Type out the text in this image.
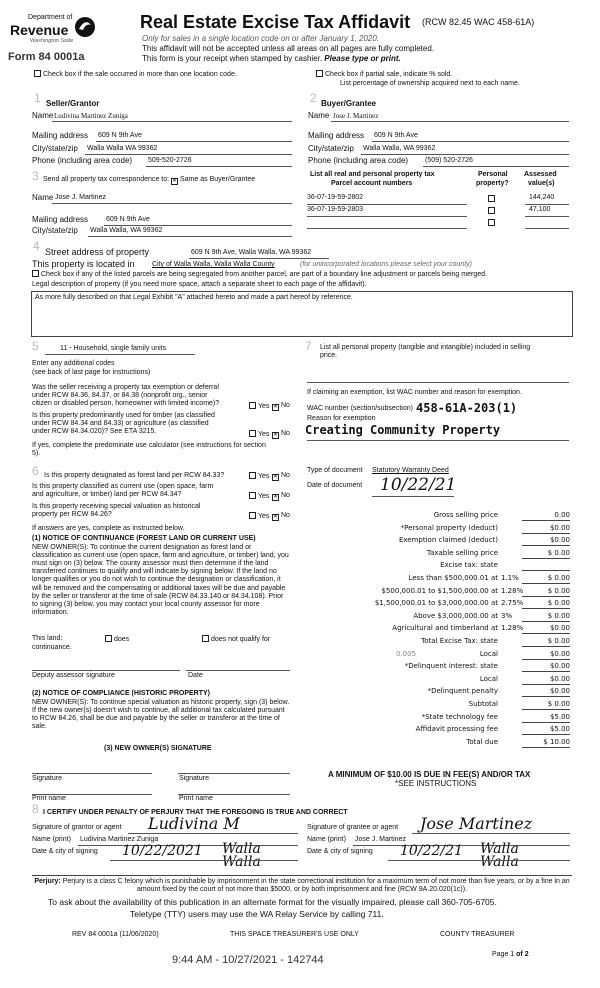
Department of
Revenue
Washington State
Form 84 0001a
Real Estate Excise Tax Affidavit (RCW 82.45 WAC 458-61A)
Only for sales in a single location code on or after January 1, 2020.
This affidavit will not be accepted unless all areas on all pages are fully completed.
This form is your receipt when stamped by cashier. Please type or print.
Check box if the sale occurred in more than one location code.	Check box if partial sale, indicate % sold.
List percentage of ownership acquired next to each name.
1 Seller/Grantor
Name Ludivina Martinez Zuniga
Mailing address 609 N 9th Ave
City/state/zip Walla Walla WA 99362
Phone (including area code) 509-520-2726
2 Buyer/Grantee
Name Jose J. Martinez
Mailing address 609 N 9th Ave
City/state/zip Walla Walla, WA 99362
Phone (including area code) (509) 520-2726
3 Send all property tax correspondence to: ✕ Same as Buyer/Grantee
Name Jose J. Martinez
Mailing address	609 N 9th Ave
City/state/zip Walla Walla, WA 99362
List all real and personal property tax
Parcel account numbers
Personal
property?
Assessed
value(s)
36-07-19-59-2802	144,240
36-07-19-59-2803	47,100
4 Street address of property	609 N 9th Ave, Walla Walla, WA 99362
This property is located in City of Walla Walla, Walla Walla County	(for unincorporated locations please select your county)
Check box if any of the listed parcels are being segregated from another parcel, are part of a boundary line adjustment or parcels being merged.
Legal description of property (if you need more space, attach a separate sheet to each page of the affidavit).
As more fully described on that Legal Exhibit "A" attached hereto and made a part hereof by reference.
5	11 - Household, single family units
Enter any additional codes
(see back of last page for instructions)
Was the seller receiving a property tax exemption or deferral
under RCW 84.36, 84.37, or 84.38 (nonprofit org., senior
citizen or disabled person, homeowner with limited income)?	Yes ✕	No
Is this property predominantly used for timber (as classified
under RCW 84.34 and 84.33) or agriculture (as classified
under RCW 84.34.020)? See ETA 3215.	Yes ✕	No
If yes, complete the predominate use calculator (see instructions for section
5).
7 List all personal property (tangible and intangible) included in selling
price.
If claiming an exemption, list WAC number and reason for exemption.
WAC number (section/subsection) 458-61A-203(1)
Reason for exemption
Creating Community Property
6 Is this property designated as forest land per RCW 84.33?	Yes ✕	No
Is this property classified as current use (open space, farm
and agriculture, or timber) land per RCW 84.34?	Yes ✕	No
Is this property receiving special valuation as historical
property per RCW 84.26?	Yes ✕	No
If answers are yes, complete as instructed below.
(1) NOTICE OF CONTINUANCE (FOREST LAND OR CURRENT USE)
NEW OWNER(S): To continue the current designation as forest land or classification as current use (open space, farm and agriculture, or timber) land, you must sign on (3) below. The county assessor must then determine if the land transferred continues to qualify and will indicate by signing below. If the land no longer qualifies or you do not wish to continue the designation or classification, it will be removed and the compensating or additional taxes will be due and payable by the seller or transferor at the time of sale (RCW 84.33.140 or 84.34.108). Prior to signing (3) below, you may contact your local county assessor for more information.
This land:	does	does not qualify for
continuance.
Deputy assessor signature	Date
(2) NOTICE OF COMPLIANCE (HISTORIC PROPERTY)
NEW OWNER(S): To continue special valuation as historic property, sign (3) below. If the new owner(s) doesn't wish to continue, all additional tax calculated pursuant to RCW 84.26, shall be due and payable by the seller or transferor at the time of sale.
(3) NEW OWNER(S) SIGNATURE
Signature	Signature
Print name	Print name
Type of document Statutory Warranty Deed
Date of document 10/22/21
Gross selling price	0.00
*Personal property (deduct)	$0.00
Exemption claimed (deduct)	$0.00
Taxable selling price	$ 0.00
Excise tax: state
Less than $500,000.01 at 1.1%	$ 0.00
$500,000.01 to $1,500,000.00 at 1.28%	$ 0.00
$1,500,000.01 to $3,000,000.00 at 2.75%	$ 0.00
Above $3,000,000.00 at 3%	$ 0.00
Agricultural and timberland at 1.28%	$0.00
Total Excise Tax: state	$ 0.00
Local
0.005	$0.00
*Delinquent interest: state	$0.00
Local	$0.00
*Delinquent penalty	$0.00
Subtotal	$ 0.00
*State technology fee	$5.00
Affidavit processing fee	$5.00
Total due	$ 10.00
A MINIMUM OF $10.00 IS DUE IN FEE(S) AND/OR TAX
*SEE INSTRUCTIONS
8 I CERTIFY UNDER PENALTY OF PERJURY THAT THE FOREGOING IS TRUE AND CORRECT
Signature of grantor or agent Ludivina M	Signature of grantee or agent Jose Martinez
Name (print) Ludivina Martinez Zuniga	Name (print) Jose J. Martinez
Date & city of signing 10/22/2021 Walla Walla
Date & city of signing 10/22/21 Walla Walla
Perjury: Perjury is a class C felony which is punishable by imprisonment in the state correctional institution for a maximum term of not more than five years, or by a fine in an amount fixed by the court of not more than $5000, or by both imprisonment and fine (RCW 9A.20.020(1c)).
To ask about the availability of this publication in an alternate format for the visually impaired, please call 360-705-6705.
Teletype (TTY) users may use the WA Relay Service by calling 711.
REV 84 0001a (11/06/2020)	THIS SPACE TREASURER'S USE ONLY	COUNTY TREASURER
Page 1 of 2
9:44 AM - 10/27/2021 - 142744
